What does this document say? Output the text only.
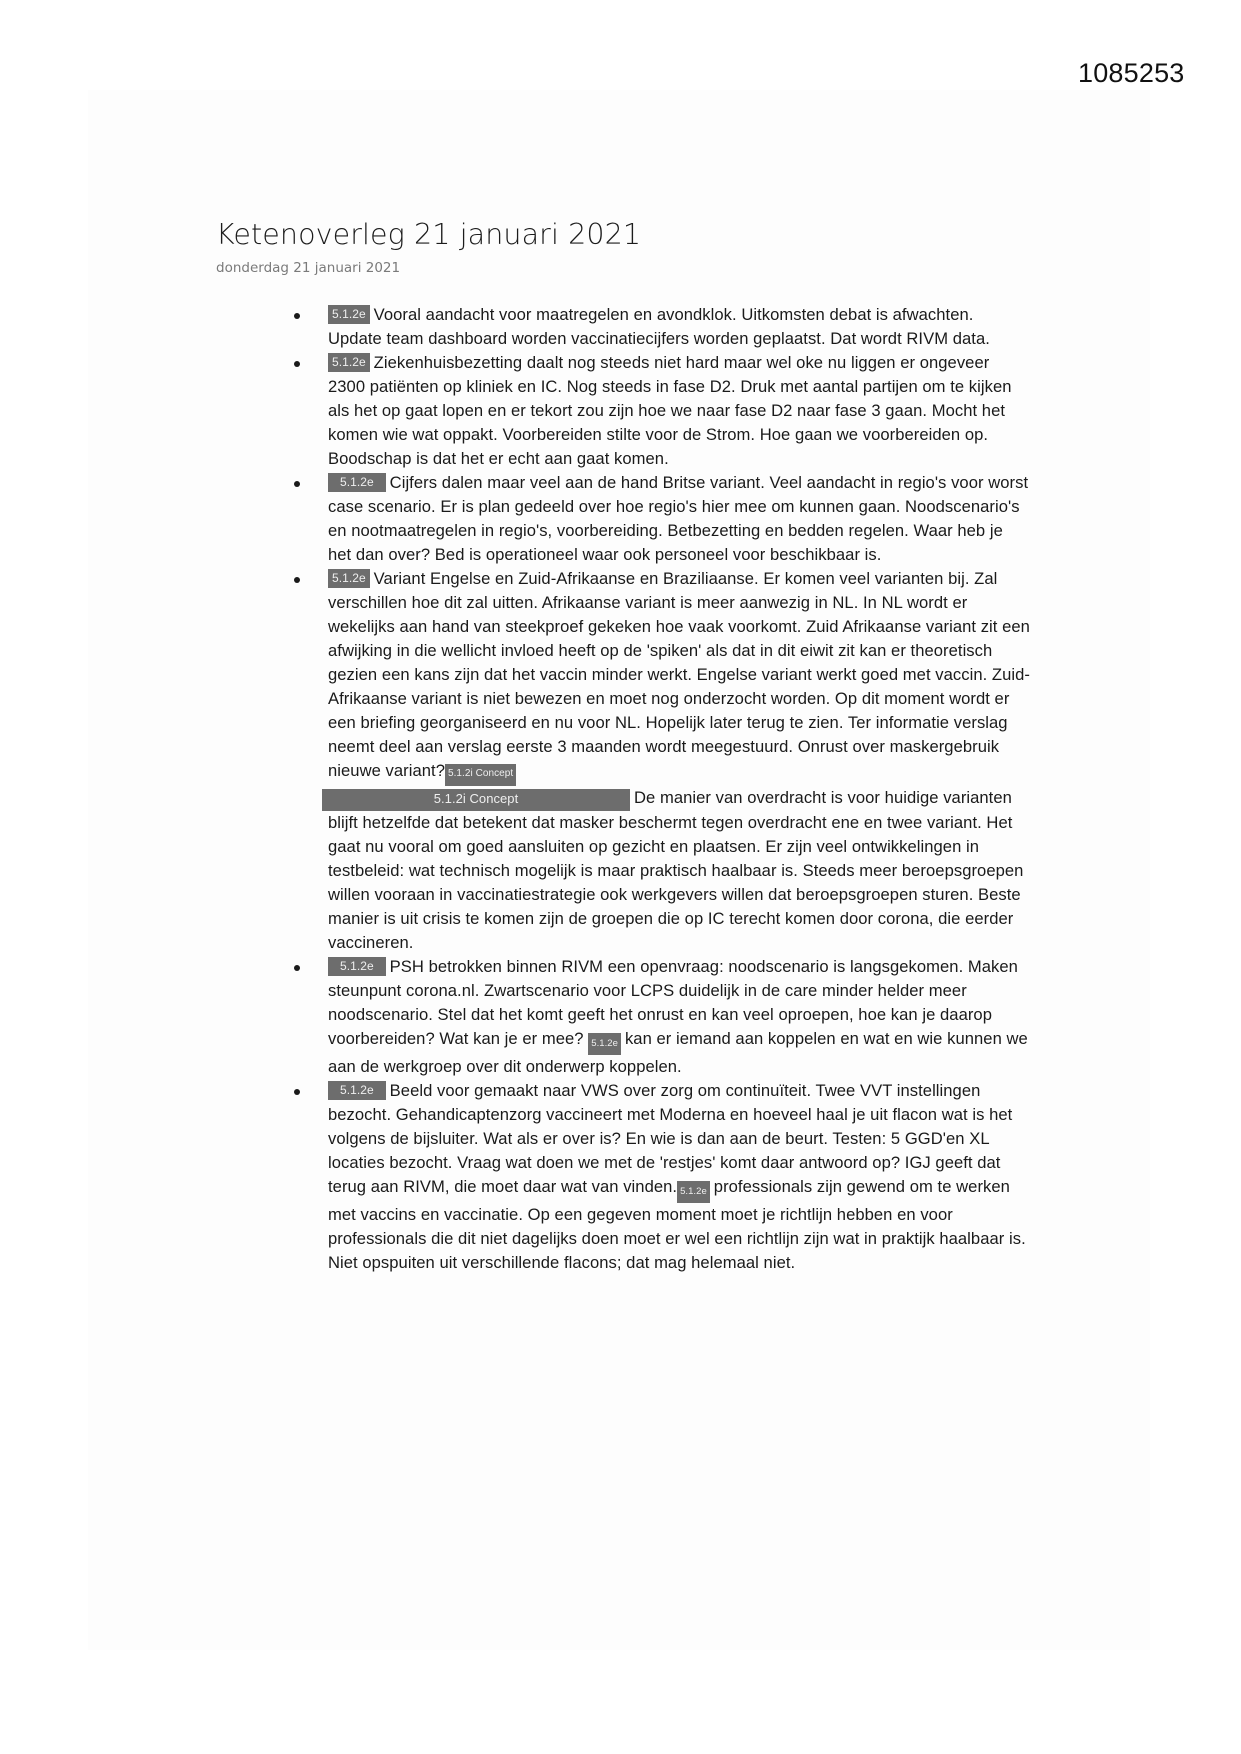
1085253
Ketenoverleg 21 januari 2021
donderdag 21 januari 2021
5.1.2e Vooral aandacht voor maatregelen en avondklok. Uitkomsten debat is afwachten. Update team dashboard worden vaccinatiecijfers worden geplaatst. Dat wordt RIVM data.
5.1.2e Ziekenhuisbezetting daalt nog steeds niet hard maar wel oke nu liggen er ongeveer 2300 patiënten op kliniek en IC. Nog steeds in fase D2. Druk met aantal partijen om te kijken als het op gaat lopen en er tekort zou zijn hoe we naar fase D2 naar fase 3 gaan. Mocht het komen wie wat oppakt. Voorbereiden stilte voor de Strom. Hoe gaan we voorbereiden op. Boodschap is dat het er echt aan gaat komen.
5.1.2e Cijfers dalen maar veel aan de hand Britse variant. Veel aandacht in regio's voor worst case scenario. Er is plan gedeeld over hoe regio's hier mee om kunnen gaan. Noodscenario's en nootmaatregelen in regio's, voorbereiding. Betbezetting en bedden regelen. Waar heb je het dan over? Bed is operationeel waar ook personeel voor beschikbaar is.
5.1.2e Variant Engelse en Zuid-Afrikaanse en Braziliaanse. Er komen veel varianten bij. Zal verschillen hoe dit zal uitten. Afrikaanse variant is meer aanwezig in NL. In NL wordt er wekelijks aan hand van steekproef gekeken hoe vaak voorkomt. Zuid Afrikaanse variant zit een afwijking in die wellicht invloed heeft op de 'spiken' als dat in dit eiwit zit kan er theoretisch gezien een kans zijn dat het vaccin minder werkt. Engelse variant werkt goed met vaccin. Zuid-Afrikaanse variant is niet bewezen en moet nog onderzocht worden. Op dit moment wordt er een briefing georganiseerd en nu voor NL. Hopelijk later terug te zien. Ter informatie verslag neemt deel aan verslag eerste 3 maanden wordt meegestuurd. Onrust over maskergebruik nieuwe variant? 5.1.2i Concept
5.1.2i Concept	De manier van overdracht is voor huidige varianten blijft hetzelfde dat betekent dat masker beschermt tegen overdracht ene en twee variant. Het gaat nu vooral om goed aansluiten op gezicht en plaatsen. Er zijn veel ontwikkelingen in testbeleid: wat technisch mogelijk is maar praktisch haalbaar is. Steeds meer beroepsgroepen willen vooraan in vaccinatiestrategie ook werkgevers willen dat beroepsgroepen sturen. Beste manier is uit crisis te komen zijn de groepen die op IC terecht komen door corona, die eerder vaccineren.
5.1.2e PSH betrokken binnen RIVM een openvraag: noodscenario is langsgekomen. Maken steunpunt corona.nl. Zwartscenario voor LCPS duidelijk in de care minder helder meer noodscenario. Stel dat het komt geeft het onrust en kan veel oproepen, hoe kan je daarop voorbereiden? Wat kan je er mee? 5.1.2e kan er iemand aan koppelen en wat en wie kunnen we aan de werkgroep over dit onderwerp koppelen.
5.1.2e Beeld voor gemaakt naar VWS over zorg om continuïteit. Twee VVT instellingen bezocht. Gehandicaptenzorg vaccineert met Moderna en hoeveel haal je uit flacon wat is het volgens de bijsluiter. Wat als er over is? En wie is dan aan de beurt. Testen: 5 GGD'en XL locaties bezocht. Vraag wat doen we met de 'restjes' komt daar antwoord op? IGJ geeft dat terug aan RIVM, die moet daar wat van vinden. 5.1.2e professionals zijn gewend om te werken met vaccins en vaccinatie. Op een gegeven moment moet je richtlijn hebben en voor professionals die dit niet dagelijks doen moet er wel een richtlijn zijn wat in praktijk haalbaar is. Niet opspuiten uit verschillende flacons; dat mag helemaal niet.
